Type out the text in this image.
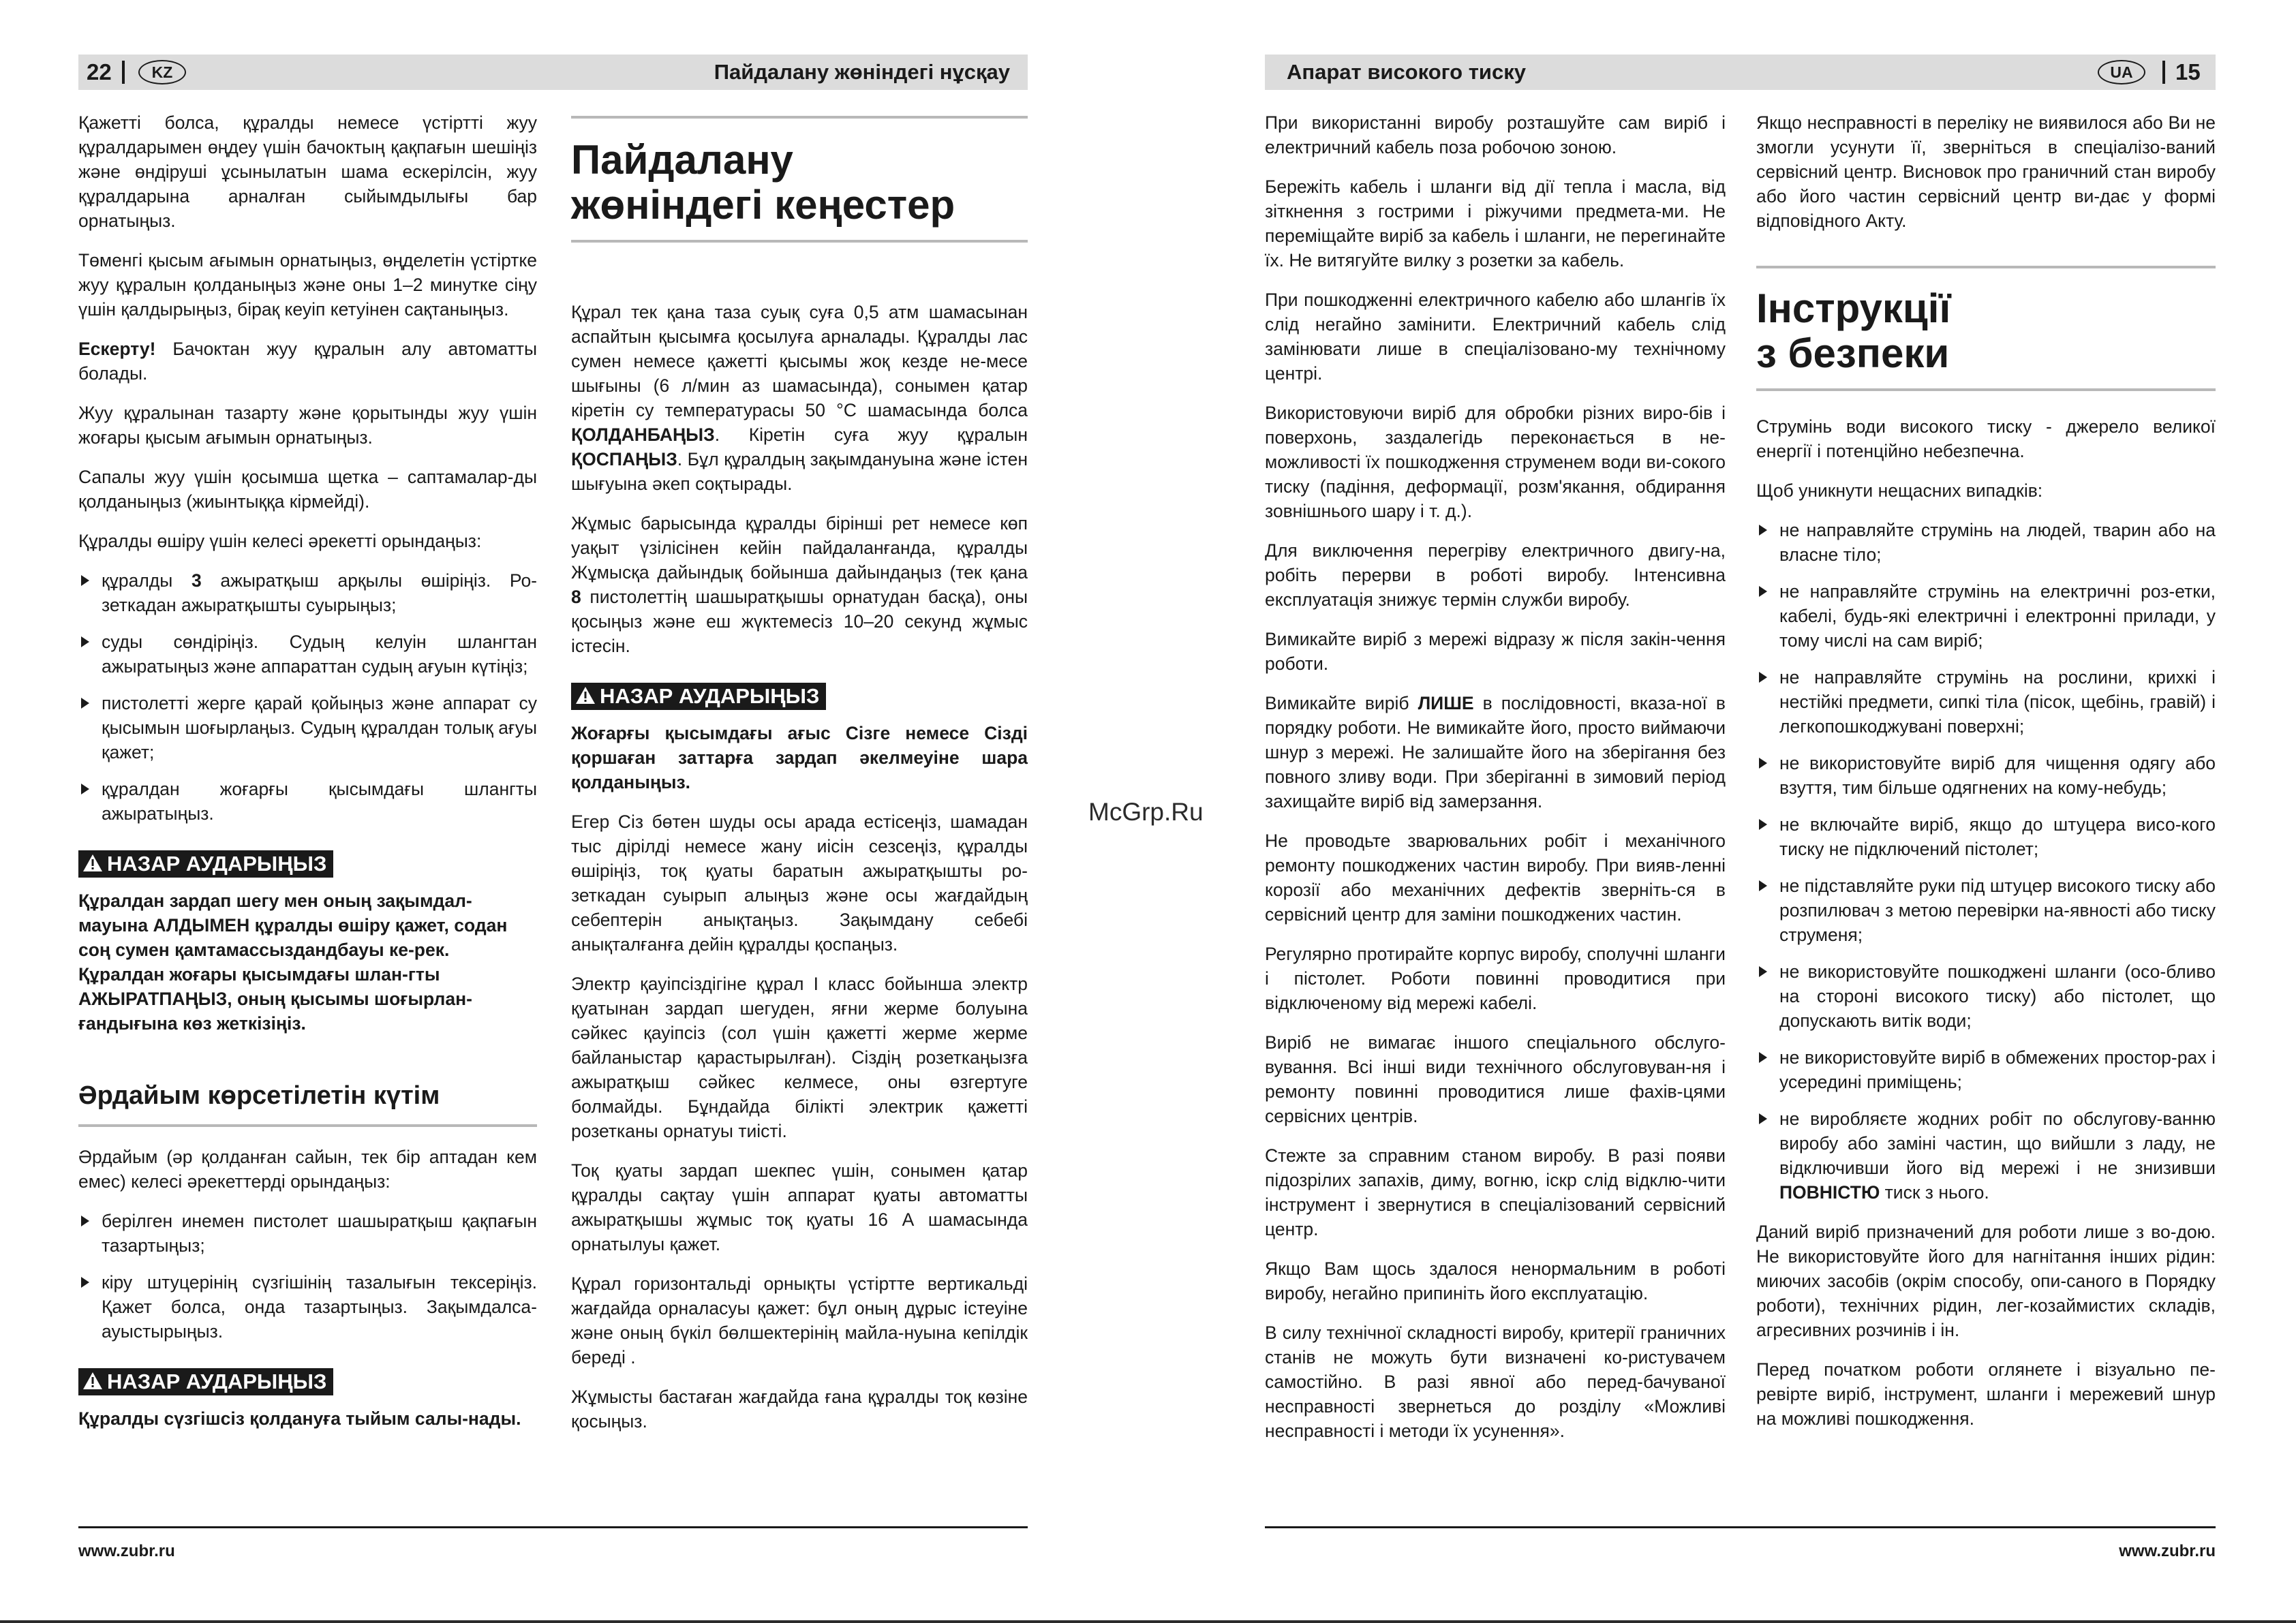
22	KZ	Пайдалану жөніндегі нұсқау

Қажетті болса, құралды немесе үстіртті жуу құралдарымен өңдеу үшін бачоктың қақпағын шешіңіз және өндіруші ұсынылатын шама ескерілсін, жуу құралдарына арналған сыйымдылығы бар орнатыңыз.

Төменгі қысым ағымын орнатыңыз, өңделетін үстіртке жуу құралын қолданыңыз және оны 1–2 минутке сіңу үшін қалдырыңыз, бірақ кеуіп кетуінен сақтаныңыз.

Ескерту! Бачоктан жуу құралын алу автоматты болады.

Жуу құралынан тазарту және қорытынды жуу үшін жоғары қысым ағымын орнатыңыз.

Сапалы жуу үшін қосымша щетка – саптамалар-ды қолданыңыз (жиынтыққа кірмейді).

Құралды өшіру үшін келесі әрекетті орындаңыз:

құралды 3 ажыратқыш арқылы өшіріңіз. Ро-зеткадан ажыратқышты суырыңыз;
суды сөндіріңіз. Судың келуін шлангтан ажыратыңыз және аппараттан судың ағуын күтіңіз;
пистолетті жерге қарай қойыңыз және аппарат су қысымын шоғырлаңыз. Судың құралдан толық ағуы қажет;
құралдан жоғарғы қысымдағы шлангты ажыратыңыз.
НАЗАР АУДАРЫҢЫЗ

Құралдан зардап шегу мен оның зақымдал-мауына АЛДЫМЕН құралды өшіру қажет, содан соң сумен қамтамассыздандбауы ке-рек. Құралдан жоғары қысымдағы шлан-гты АЖЫРАТПАҢЫЗ, оның қысымы шоғырлан-ғандығына көз жеткізіңіз.

Әрдайым көрсетілетін күтім

Әрдайым (әр қолданған сайын, тек бір аптадан кем емес) келесі әрекеттерді орындаңыз:

берілген инемен пистолет шашыратқыш қақпағын тазартыңыз;
кіру штуцерінің сүзгішінің тазалығын тексеріңіз. Қажет болса, онда тазартыңыз. Зақымдалса-ауыстырыңыз.
НАЗАР АУДАРЫҢЫЗ

Құралды сүзгішсіз қолдануға тыйым салы-нады.

Пайдалану
жөніндегі кеңестер

Құрал тек қана таза суық суға 0,5 атм шамасынан аспайтын қысымға қосылуға арналады. Құралды лас сумен немесе қажетті қысымы жоқ кезде не-месе шығыны (6 л/мин аз шамасында), сонымен қатар кіретін су температурасы 50 °С шамасында болса ҚОЛДАНБАҢЫЗ. Кіретін суға жуу құралын ҚОСПАҢЫЗ. Бұл құралдың зақымдануына және істен шығуына әкеп соқтырады.

Жұмыс барысында құралды бірінші рет немесе көп уақыт үзілісінен кейін пайдаланғанда, құралды Жұмысқа дайындық бойынша дайындаңыз (тек қана 8 пистолеттің шашыратқышы орнатудан басқа), оны қосыңыз және еш жүктемесіз 10–20 секунд жұмыс істесін.

НАЗАР АУДАРЫҢЫЗ

Жоғарғы қысымдағы ағыс Сізге немесе Сізді қоршаған заттарға зардап әкелмеуіне шара қолданыңыз.

Егер Сіз бөтен шуды осы арада естісеңіз, шамадан тыс дірілді немесе жану иісін сезсеңіз, құралды өшіріңіз, тоқ қуаты баратын ажыратқышты ро-зеткадан суырып алыңыз және осы жағдайдың себептерін анықтаңыз. Зақымдану себебі анықталғанға дейін құралды қоспаңыз.

Электр қауіпсіздігіне құрал I класс бойынша электр қуатынан зардап шегуден, яғни жерме болуына сәйкес қауіпсіз (сол үшін қажетті жерме жерме байланыстар қарастырылған). Сіздің розеткаңызға ажыратқыш сәйкес келмесе, оны өзгертуге болмайды. Бұндайда білікті электрик қажетті розетканы орнатуы тиісті.

Тоқ қуаты зардап шекпес үшін, сонымен қатар құралды сақтау үшін аппарат қуаты автоматты ажыратқышы жұмыс тоқ қуаты 16 А шамасында орнатылуы қажет.

Құрал горизонтальді орнықты үстіртте вертикальді жағдайда орналасуы қажет: бұл оның дұрыс істеуіне және оның бүкіл бөлшектерінің майла-нуына кепілдік береді .

Жұмысты бастаған жағдайда ғана құралды тоқ көзіне қосыңыз.

www.zubr.ru
McGrp.Ru
Апарат високого тиску	UA	15

При використанні виробу розташуйте сам виріб і електричний кабель поза робочою зоною.

Бережіть кабель і шланги від дії тепла і масла, від зіткнення з гострими і ріжучими предмета-ми. Не переміщайте виріб за кабель і шланги, не перегинайте їх. Не витягуйте вилку з розетки за кабель.

При пошкодженні електричного кабелю або шлангів їх слід негайно замінити. Електричний кабель слід замінювати лише в спеціалізовано-му технічному центрі.

Використовуючи виріб для обробки різних виро-бів і поверхонь, заздалегідь переконається в не-можливості їх пошкодження струменем води ви-сокого тиску (падіння, деформації, розм'якання, обдирання зовнішнього шару і т. д.).

Для виключення перегріву електричного двигу-на, робіть перерви в роботі виробу. Інтенсивна експлуатація знижує термін служби виробу.

Вимикайте виріб з мережі відразу ж після закін-чення роботи.

Вимикайте виріб ЛИШЕ в послідовності, вказа-ної в порядку роботи. Не вимикайте його, просто виймаючи шнур з мережі. Не залишайте його на зберігання без повного зливу води. При зберіганні в зимовий період захищайте виріб від замерзання.

Не проводьте зварювальних робіт і механічного ремонту пошкоджених частин виробу. При вияв-ленні корозії або механічних дефектів звернiть-ся в сервісний центр для заміни пошкоджених частин.

Регулярно протирайте корпус виробу, сполучні шланги і пістолет. Роботи повинні проводитися при відключеному від мережі кабелі.

Виріб не вимагає іншого спеціального обслуго-вування. Всі інші види технічного обслуговуван-ня і ремонту повинні проводитися лише фахів-цями сервісних центрів.

Стежте за справним станом виробу. В разі появи підозрілих запахів, диму, вогню, іскр слід відклю-чити інструмент і звернутися в спеціалізований сервісний центр.

Якщо Вам щось здалося ненормальним в роботі виробу, негайно припиніть його експлуатацію.

В силу технічної складності виробу, критерії граничних станів не можуть бути визначені ко-ристувачем самостійно. В разі явної або перед-бачуваної несправності звернеться до розділу «Можливі несправності і методи їх усунення».

Якщо несправності в переліку не виявилося або Ви не змогли усунути її, зверніться в спеціалізо-ваний сервісний центр. Висновок про граничний стан виробу або його частин сервісний центр ви-дає у формі відповідного Акту.

Інструкції
з безпеки

Струмінь води високого тиску - джерело великої енергії і потенційно небезпечна.

Щоб уникнути нещасних випадків:

не направляйте струмінь на людей, тварин або на власне тіло;
не направляйте струмінь на електричні роз-етки, кабелі, будь-які електричні і електронні прилади, у тому числі на сам виріб;
не направляйте струмінь на рослини, крихкі і нестійкі предмети, сипкі тіла (пісок, щебінь, гравій) і легкопошкоджувані поверхні;
не використовуйте виріб для чищення одягу або взуття, тим більше одягнених на кому-небудь;
не включайте виріб, якщо до штуцера висо-кого тиску не підключений пістолет;
не підставляйте руки під штуцер високого тиску або розпилювач з метою перевірки на-явності або тиску струменя;
не використовуйте пошкоджені шланги (осо-бливо на стороні високого тиску) або пістолет, що допускають витік води;
не використовуйте виріб в обмежених простор-рах і усередині приміщень;
не виробляєте жодних робіт по обслугову-ванню виробу або заміні частин, що вийшли з ладу, не відключивши його від мережі і не знизивши ПОВНІСТЮ тиск з нього.

Даний виріб призначений для роботи лише з во-дою. Не використовуйте його для нагнітання інших рідин: миючих засобів (окрім способу, опи-саного в Порядку роботи), технічних рідин, лег-козаймистих складів, агресивних розчинів і ін.

Перед початком роботи оглянете і візуально пе-ревірте виріб, інструмент, шланги і мережевий шнур на можливі пошкодження.

www.zubr.ru
